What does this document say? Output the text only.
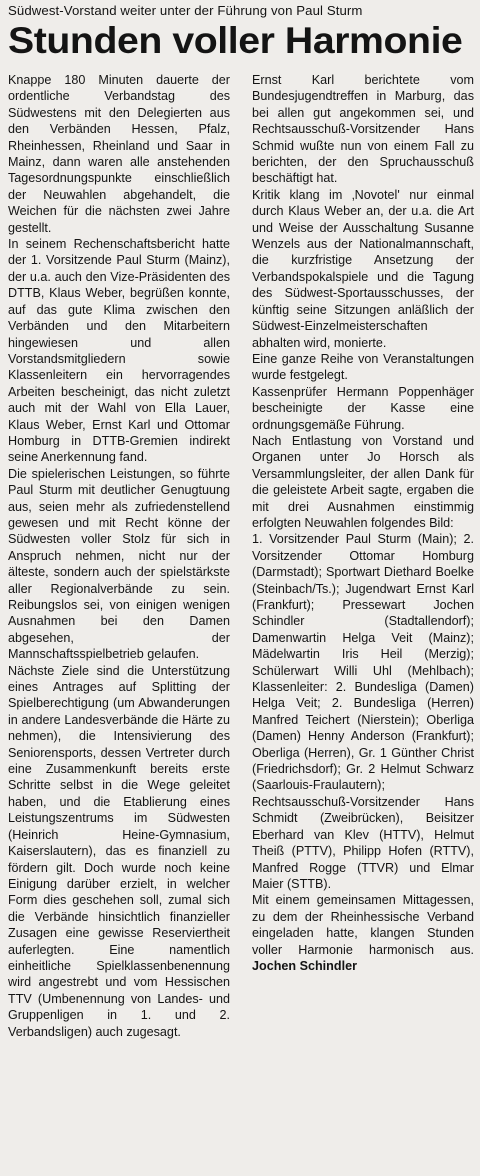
Südwest-Vorstand weiter unter der Führung von Paul Sturm
Stunden voller Harmonie

Knappe 180 Minuten dauerte der ordentliche Verbandstag des Südwestens mit den Delegierten aus den Verbänden Hessen, Pfalz, Rheinhessen, Rheinland und Saar in Mainz, dann waren alle anstehenden Tagesordnungspunkte einschließlich der Neuwahlen abgehandelt, die Weichen für die nächsten zwei Jahre gestellt.

In seinem Rechenschaftsbericht hatte der 1. Vorsitzende Paul Sturm (Mainz), der u.a. auch den Vize-Präsidenten des DTTB, Klaus Weber, begrüßen konnte, auf das gute Klima zwischen den Verbänden und den Mitarbeitern hingewiesen und allen Vorstandsmitgliedern sowie Klassenleitern ein hervorragendes Arbeiten bescheinigt, das nicht zuletzt auch mit der Wahl von Ella Lauer, Klaus Weber, Ernst Karl und Ottomar Homburg in DTTB-Gremien indirekt seine Anerkennung fand.

Die spielerischen Leistungen, so führte Paul Sturm mit deutlicher Genugtuung aus, seien mehr als zufriedenstellend gewesen und mit Recht könne der Südwesten voller Stolz für sich in Anspruch nehmen, nicht nur der älteste, sondern auch der spielstärkste aller Regionalverbände zu sein. Reibungslos sei, von einigen wenigen Ausnahmen bei den Damen abgesehen, der Mannschaftsspielbetrieb gelaufen.

Nächste Ziele sind die Unterstützung eines Antrages auf Splitting der Spielberechtigung (um Abwanderungen in andere Landesverbände die Härte zu nehmen), die Intensivierung des Seniorensports, dessen Vertreter durch eine Zusammenkunft bereits erste Schritte selbst in die Wege geleitet haben, und die Etablierung eines Leistungszentrums im Südwesten (Heinrich Heine-Gymnasium, Kaiserslautern), das es finanziell zu fördern gilt. Doch wurde noch keine Einigung darüber erzielt, in welcher Form dies geschehen soll, zumal sich die Verbände hinsichtlich finanzieller Zusagen eine gewisse Reserviertheit auferlegten. Eine namentlich einheitliche Spielklassenbenennung wird angestrebt und vom Hessischen TTV (Umbenennung von Landes- und Gruppenligen in 1. und 2. Verbandsligen) auch zugesagt.

Ernst Karl berichtete vom Bundesjugendtreffen in Marburg, das bei allen gut angekommen sei, und Rechtsausschuß-Vorsitzender Hans Schmid wußte nun von einem Fall zu berichten, der den Spruchausschuß beschäftigt hat.

Kritik klang im ‚Novotel' nur einmal durch Klaus Weber an, der u.a. die Art und Weise der Ausschaltung Susanne Wenzels aus der Nationalmannschaft, die kurzfristige Ansetzung der Verbandspokalspiele und die Tagung des Südwest-Sportausschusses, der künftig seine Sitzungen anläßlich der Südwest-Einzelmeisterschaften abhalten wird, monierte.

Eine ganze Reihe von Veranstaltungen wurde festgelegt.

Kassenprüfer Hermann Poppenhäger bescheinigte der Kasse eine ordnungsgemäße Führung.

Nach Entlastung von Vorstand und Organen unter Jo Horsch als Versammlungsleiter, der allen Dank für die geleistete Arbeit sagte, ergaben die mit drei Ausnahmen einstimmig erfolgten Neuwahlen folgendes Bild:

1. Vorsitzender Paul Sturm (Main); 2. Vorsitzender Ottomar Homburg (Darmstadt); Sportwart Diethard Boelke (Steinbach/Ts.); Jugendwart Ernst Karl (Frankfurt); Pressewart Jochen Schindler (Stadtallendorf); Damenwartin Helga Veit (Mainz); Mädelwartin Iris Heil (Merzig); Schülerwart Willi Uhl (Mehlbach); Klassenleiter: 2. Bundesliga (Damen) Helga Veit; 2. Bundesliga (Herren) Manfred Teichert (Nierstein); Oberliga (Damen) Henny Anderson (Frankfurt); Oberliga (Herren), Gr. 1 Günther Christ (Friedrichsdorf); Gr. 2 Helmut Schwarz (Saarlouis-Fraulautern); Rechtsausschuß-Vorsitzender Hans Schmidt (Zweibrücken), Beisitzer Eberhard van Klev (HTTV), Helmut Theiß (PTTV), Philipp Hofen (RTTV), Manfred Rogge (TTVR) und Elmar Maier (STTB).

Mit einem gemeinsamen Mittagessen, zu dem der Rheinhessische Verband eingeladen hatte, klangen Stunden voller Harmonie harmonisch aus. Jochen Schindler
